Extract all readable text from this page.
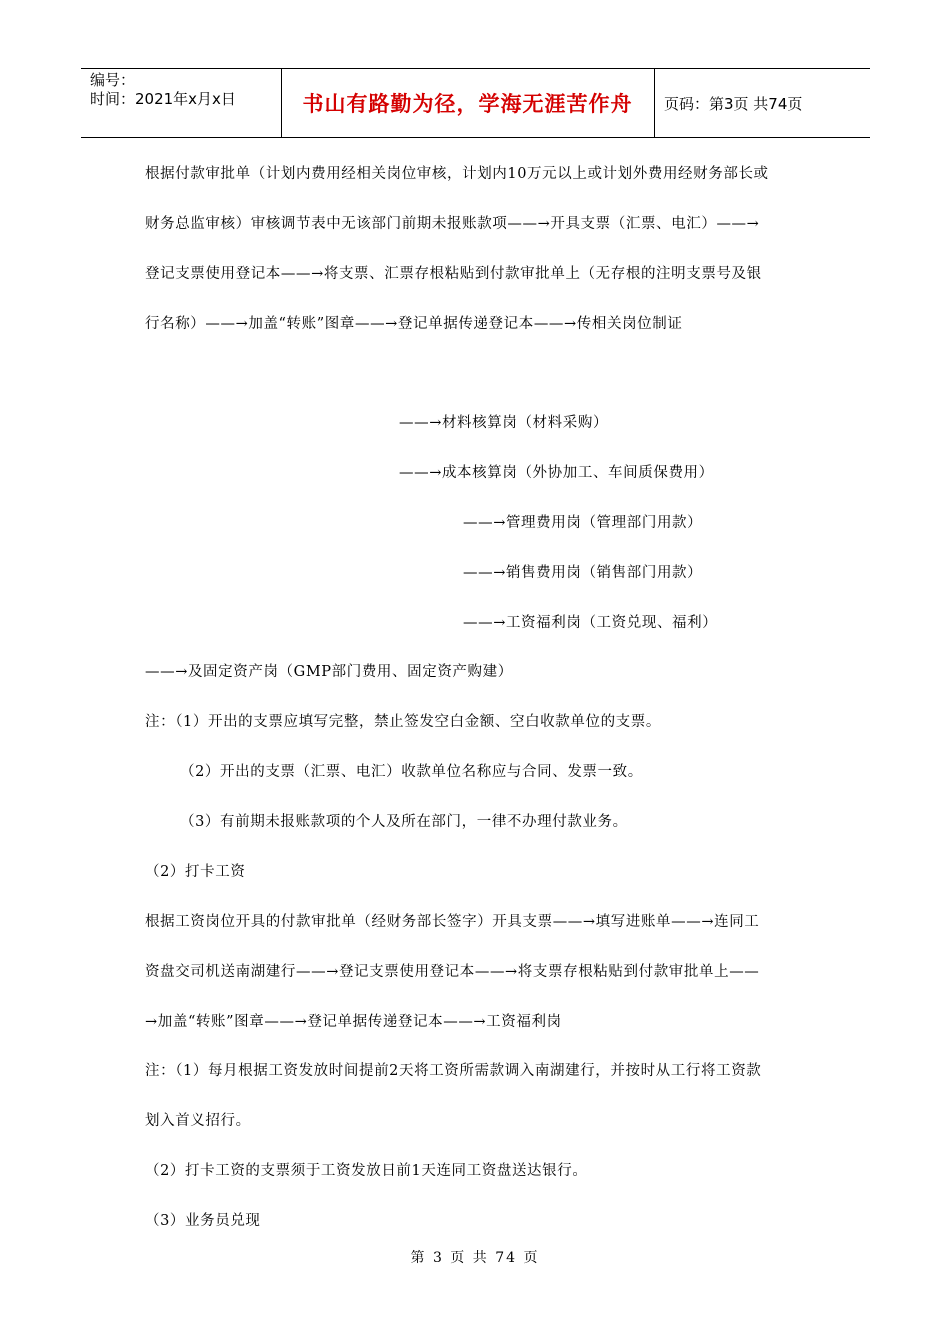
编号：
时间：2021年x月x日	书山有路勤为径，学海无涯苦作舟	页码：第3页 共74页
根据付款审批单（计划内费用经相关岗位审核，计划内10万元以上或计划外费用经财务部长或
财务总监审核）审核调节表中无该部门前期未报账款项——→开具支票（汇票、电汇）——→
登记支票使用登记本——→将支票、汇票存根粘贴到付款审批单上（无存根的注明支票号及银
行名称）——→加盖“转账”图章——→登记单据传递登记本——→传相关岗位制证
——→材料核算岗（材料采购）
——→成本核算岗（外协加工、车间质保费用）
——→管理费用岗（管理部门用款）
——→销售费用岗（销售部门用款）
——→工资福利岗（工资兑现、福利）
——→及固定资产岗（GMP部门费用、固定资产购建）
注：（1）开出的支票应填写完整，禁止签发空白金额、空白收款单位的支票。
（2）开出的支票（汇票、电汇）收款单位名称应与合同、发票一致。
（3）有前期未报账款项的个人及所在部门，一律不办理付款业务。
（2）打卡工资
根据工资岗位开具的付款审批单（经财务部长签字）开具支票——→填写进账单——→连同工
资盘交司机送南湖建行——→登记支票使用登记本——→将支票存根粘贴到付款审批单上——
→加盖“转账”图章——→登记单据传递登记本——→工资福利岗
注：（1）每月根据工资发放时间提前2天将工资所需款调入南湖建行，并按时从工行将工资款
划入首义招行。
（2）打卡工资的支票须于工资发放日前1天连同工资盘送达银行。
（3）业务员兑现
第 3 页 共 74 页
